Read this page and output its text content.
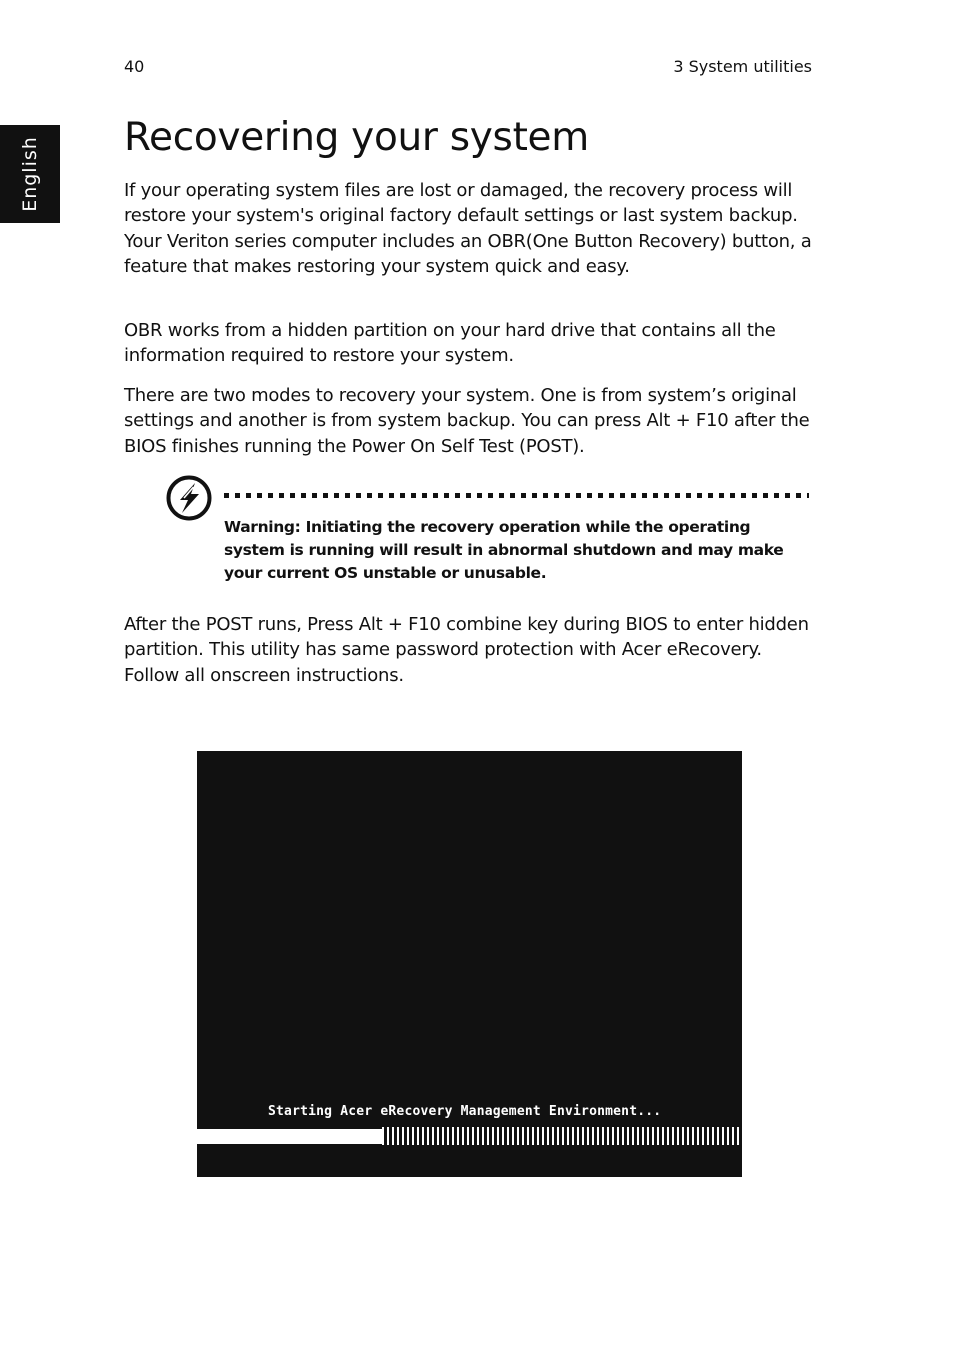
40	3 System utilities
English Recovering your system

If your operating system files are lost or damaged, the recovery process will restore your system's original factory default settings or last system backup. Your Veriton series computer includes an OBR(One Button Recovery) button, a feature that makes restoring your system quick and easy.

OBR works from a hidden partition on your hard drive that contains all the information required to restore your system.

There are two modes to recovery your system. One is from system’s original settings and another is from system backup. You can press Alt + F10 after the BIOS finishes running the Power On Self Test (POST).

Warning: Initiating the recovery operation while the operating system is running will result in abnormal shutdown and may make your current OS unstable or unusable.

After the POST runs, Press Alt + F10 combine key during BIOS to enter hidden partition. This utility has same password protection with Acer eRecovery. Follow all onscreen instructions.

Starting Acer eRecovery Management Environment...
